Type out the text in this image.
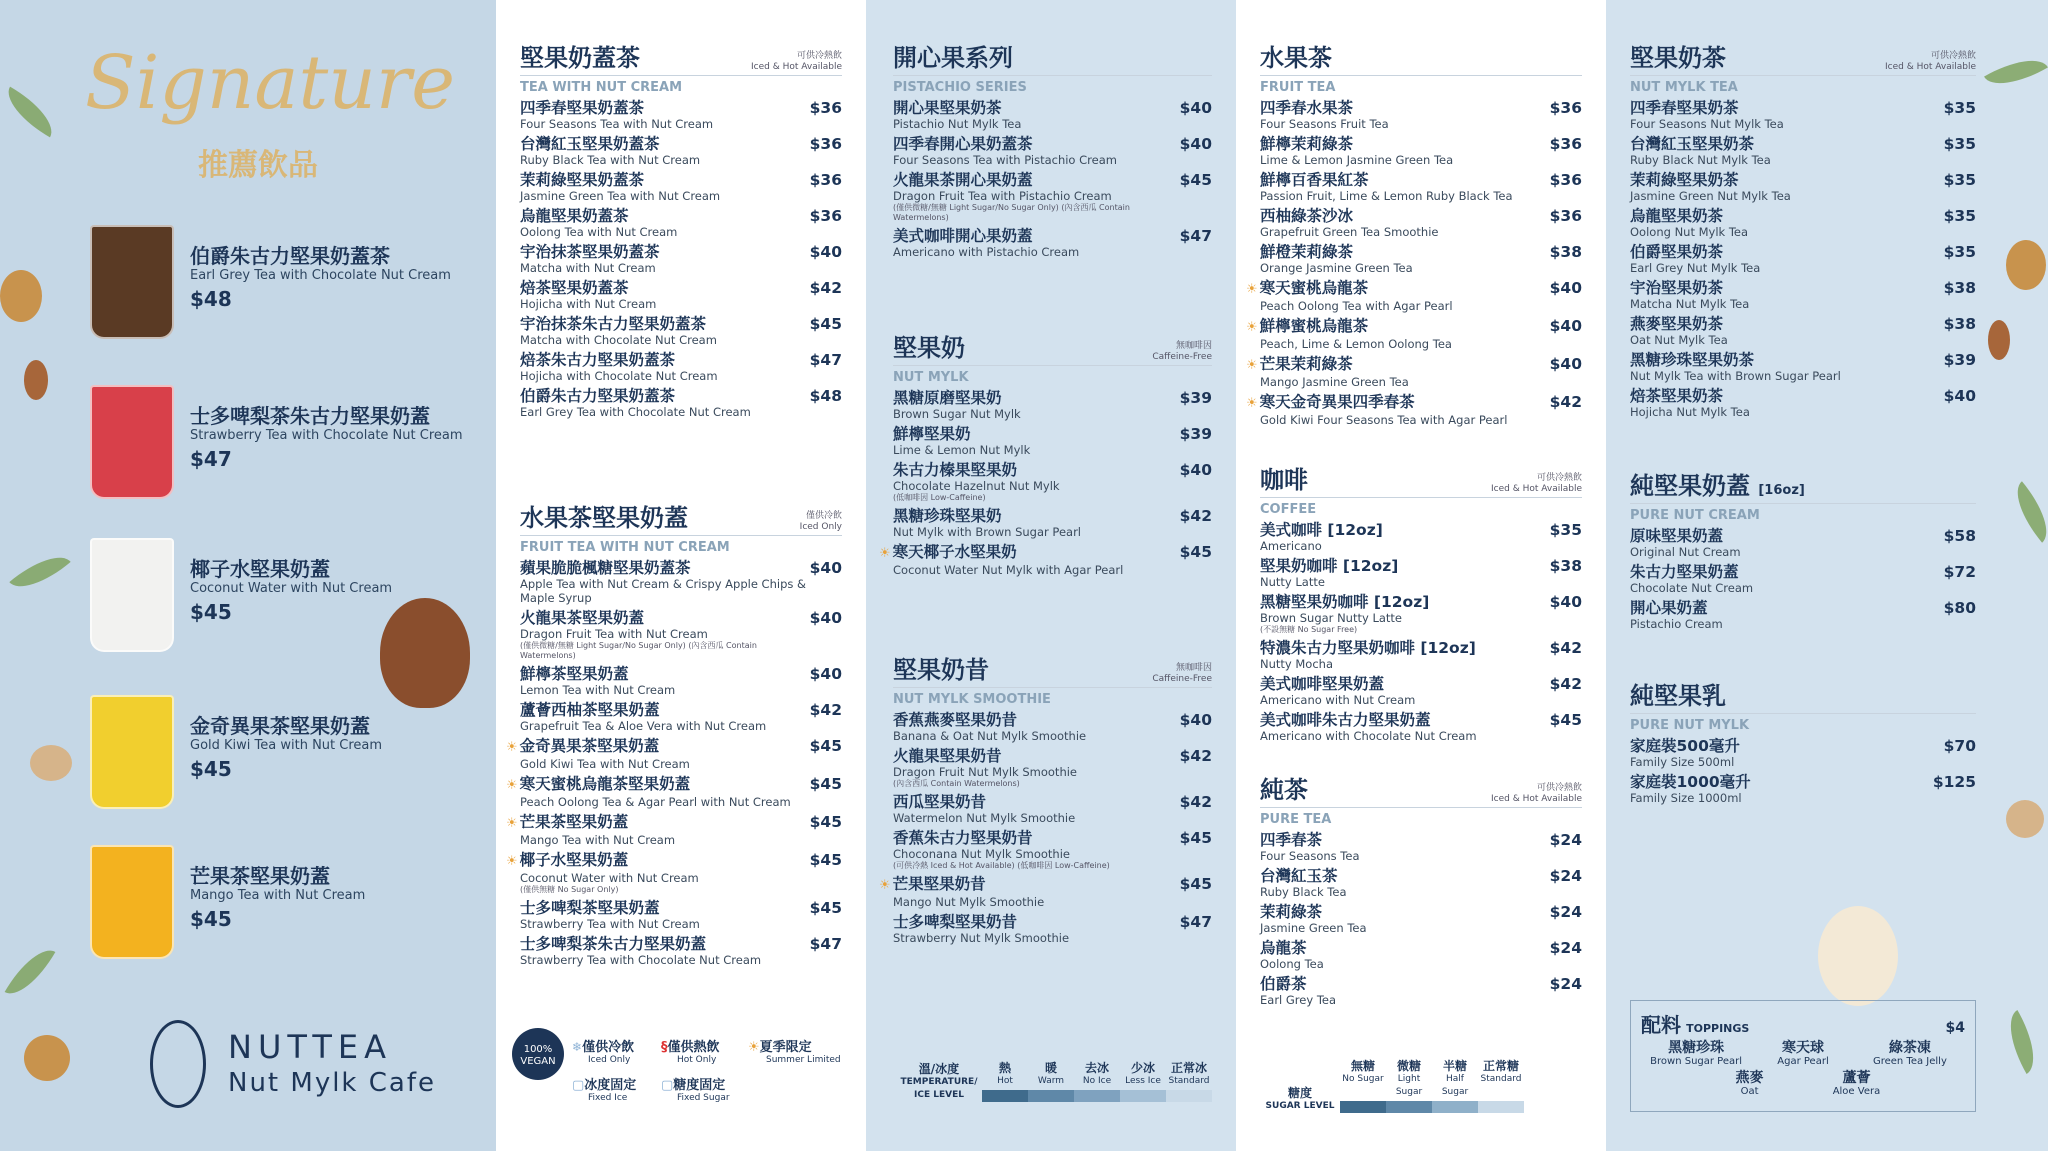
Signature
推薦飲品
伯爵朱古力堅果奶蓋茶
Earl Grey Tea with Chocolate Nut Cream
$48
士多啤梨茶朱古力堅果奶蓋
Strawberry Tea with Chocolate Nut Cream
$47
椰子水堅果奶蓋
Coconut Water with Nut Cream
$45
金奇異果茶堅果奶蓋
Gold Kiwi Tea with Nut Cream
$45
芒果茶堅果奶蓋
Mango Tea with Nut Cream
$45
NUTTEA
Nut Mylk Cafe
堅果奶蓋茶	可供冷熱飲
Iced & Hot Available
TEA WITH NUT CREAM
四季春堅果奶蓋茶
Four Seasons Tea with Nut Cream
$36
台灣紅玉堅果奶蓋茶
Ruby Black Tea with Nut Cream
$36
茉莉綠堅果奶蓋茶
Jasmine Green Tea with Nut Cream
$36
烏龍堅果奶蓋茶
Oolong Tea with Nut Cream
$36
宇治抹茶堅果奶蓋茶
Matcha with Nut Cream
$40
焙茶堅果奶蓋茶
Hojicha with Nut Cream
$42
宇治抹茶朱古力堅果奶蓋茶
Matcha with Chocolate Nut Cream
$45
焙茶朱古力堅果奶蓋茶
Hojicha with Chocolate Nut Cream
$47
伯爵朱古力堅果奶蓋茶
Earl Grey Tea with Chocolate Nut Cream
$48
水果茶堅果奶蓋	僅供冷飲
Iced Only
FRUIT TEA WITH NUT CREAM
蘋果脆脆楓糖堅果奶蓋茶
Apple Tea with Nut Cream & Crispy Apple Chips & Maple Syrup
$40
火龍果茶堅果奶蓋
Dragon Fruit Tea with Nut Cream
(僅供微糖/無糖 Light Sugar/No Sugar Only) (內含西瓜 Contain Watermelons)
$40
鮮檸茶堅果奶蓋
Lemon Tea with Nut Cream
$40
蘆薈西柚茶堅果奶蓋
Grapefruit Tea & Aloe Vera with Nut Cream
$42
☀ 金奇異果茶堅果奶蓋
Gold Kiwi Tea with Nut Cream
$45
☀ 寒天蜜桃烏龍茶堅果奶蓋
Peach Oolong Tea & Agar Pearl with Nut Cream
$45
☀ 芒果茶堅果奶蓋
Mango Tea with Nut Cream
$45
☀ 椰子水堅果奶蓋
Coconut Water with Nut Cream
(僅供無糖 No Sugar Only)
$45
士多啤梨茶堅果奶蓋
Strawberry Tea with Nut Cream
$45
士多啤梨茶朱古力堅果奶蓋
Strawberry Tea with Chocolate Nut Cream
$47
100% VEGAN
❄僅供冷飲
Iced Only
§僅供熱飲
Hot Only
☀夏季限定
Summer Limited
▢冰度固定
Fixed Ice
▢糖度固定
Fixed Sugar
開心果系列
PISTACHIO SERIES
開心果堅果奶茶
Pistachio Nut Mylk Tea
$40
四季春開心果奶蓋茶
Four Seasons Tea with Pistachio Cream
$40
火龍果茶開心果奶蓋
Dragon Fruit Tea with Pistachio Cream
(僅供微糖/無糖 Light Sugar/No Sugar Only) (內含西瓜 Contain Watermelons)
$45
美式咖啡開心果奶蓋
Americano with Pistachio Cream
$47
堅果奶	無咖啡因
Caffeine-Free
NUT MYLK
黑糖原磨堅果奶
Brown Sugar Nut Mylk
$39
鮮檸堅果奶
Lime & Lemon Nut Mylk
$39
朱古力榛果堅果奶
Chocolate Hazelnut Nut Mylk
(低咖啡因 Low-Caffeine)
$40
黑糖珍珠堅果奶
Nut Mylk with Brown Sugar Pearl
$42
☀ 寒天椰子水堅果奶
Coconut Water Nut Mylk with Agar Pearl
$45
堅果奶昔	無咖啡因
Caffeine-Free
NUT MYLK SMOOTHIE
香蕉燕麥堅果奶昔
Banana & Oat Nut Mylk Smoothie
$40
火龍果堅果奶昔
Dragon Fruit Nut Mylk Smoothie
(內含西瓜 Contain Watermelons)
$42
西瓜堅果奶昔
Watermelon Nut Mylk Smoothie
$42
香蕉朱古力堅果奶昔
Choconana Nut Mylk Smoothie
(可供冷熱 Iced & Hot Available) (低咖啡因 Low-Caffeine)
$45
☀ 芒果堅果奶昔
Mango Nut Mylk Smoothie
$45
士多啤梨堅果奶昔
Strawberry Nut Mylk Smoothie
$47
溫/冰度
TEMPERATURE/ ICE LEVEL
熱
Hot
暖
Warm
去冰
No Ice
少冰
Less Ice
正常冰
Standard
水果茶
FRUIT TEA
四季春水果茶
Four Seasons Fruit Tea
$36
鮮檸茉莉綠茶
Lime & Lemon Jasmine Green Tea
$36
鮮檸百香果紅茶
Passion Fruit, Lime & Lemon Ruby Black Tea
$36
西柚綠茶沙冰
Grapefruit Green Tea Smoothie
$36
鮮橙茉莉綠茶
Orange Jasmine Green Tea
$38
☀ 寒天蜜桃烏龍茶
Peach Oolong Tea with Agar Pearl
$40
☀ 鮮檸蜜桃烏龍茶
Peach, Lime & Lemon Oolong Tea
$40
☀ 芒果茉莉綠茶
Mango Jasmine Green Tea
$40
☀ 寒天金奇異果四季春茶
Gold Kiwi Four Seasons Tea with Agar Pearl
$42
咖啡	可供冷熱飲
Iced & Hot Available
COFFEE
美式咖啡 [12oz]
Americano
$35
堅果奶咖啡 [12oz]
Nutty Latte
$38
黑糖堅果奶咖啡 [12oz]
Brown Sugar Nutty Latte
(不設無糖 No Sugar Free)
$40
特濃朱古力堅果奶咖啡 [12oz]
Nutty Mocha
$42
美式咖啡堅果奶蓋
Americano with Nut Cream
$42
美式咖啡朱古力堅果奶蓋
Americano with Chocolate Nut Cream
$45
純茶	可供冷熱飲
Iced & Hot Available
PURE TEA
四季春茶
Four Seasons Tea
$24
台灣紅玉茶
Ruby Black Tea
$24
茉莉綠茶
Jasmine Green Tea
$24
烏龍茶
Oolong Tea
$24
伯爵茶
Earl Grey Tea
$24
糖度
SUGAR LEVEL
無糖
No Sugar
微糖
Light Sugar
半糖
Half Sugar
正常糖
Standard
堅果奶茶	可供冷熱飲
Iced & Hot Available
NUT MYLK TEA
四季春堅果奶茶
Four Seasons Nut Mylk Tea
$35
台灣紅玉堅果奶茶
Ruby Black Nut Mylk Tea
$35
茉莉綠堅果奶茶
Jasmine Green Nut Mylk Tea
$35
烏龍堅果奶茶
Oolong Nut Mylk Tea
$35
伯爵堅果奶茶
Earl Grey Nut Mylk Tea
$35
宇治堅果奶茶
Matcha Nut Mylk Tea
$38
燕麥堅果奶茶
Oat Nut Mylk Tea
$38
黑糖珍珠堅果奶茶
Nut Mylk Tea with Brown Sugar Pearl
$39
焙茶堅果奶茶
Hojicha Nut Mylk Tea
$40
純堅果奶蓋 [16oz]
PURE NUT CREAM
原味堅果奶蓋
Original Nut Cream
$58
朱古力堅果奶蓋
Chocolate Nut Cream
$72
開心果奶蓋
Pistachio Cream
$80
純堅果乳
PURE NUT MYLK
家庭裝500毫升
Family Size 500ml
$70
家庭裝1000毫升
Family Size 1000ml
$125
配料 TOPPINGS	$4
黑糖珍珠
Brown Sugar Pearl
寒天球
Agar Pearl
綠茶凍
Green Tea Jelly
燕麥
Oat
蘆薈
Aloe Vera
